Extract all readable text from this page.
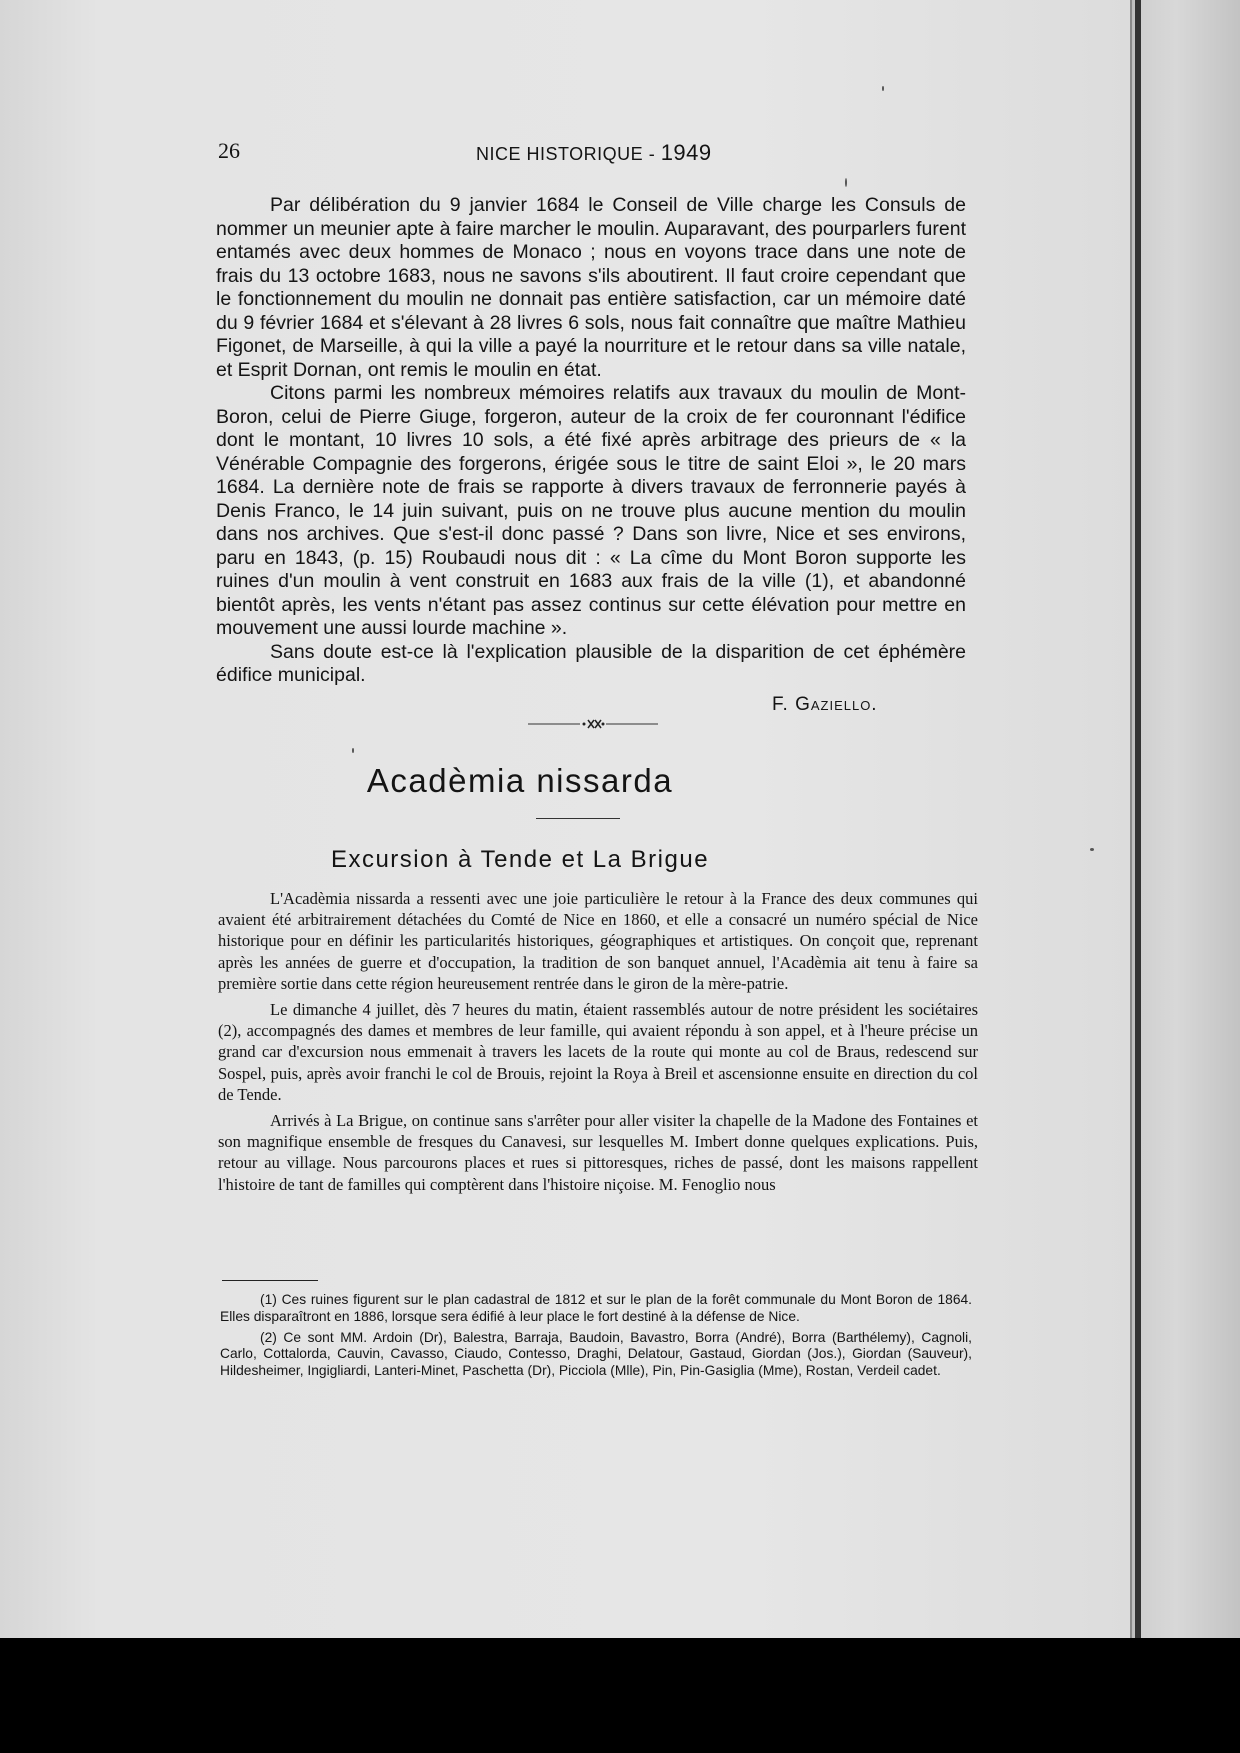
26	NICE HISTORIQUE - 1949

Par délibération du 9 janvier 1684 le Conseil de Ville charge les Consuls de nommer un meunier apte à faire marcher le moulin. Auparavant, des pourparlers furent entamés avec deux hommes de Monaco ; nous en voyons trace dans une note de frais du 13 octobre 1683, nous ne savons s'ils aboutirent. Il faut croire cependant que le fonctionnement du moulin ne donnait pas entière satisfaction, car un mémoire daté du 9 février 1684 et s'élevant à 28 livres 6 sols, nous fait connaître que maître Mathieu Figonet, de Marseille, à qui la ville a payé la nourriture et le retour dans sa ville natale, et Esprit Dornan, ont remis le moulin en état.

Citons parmi les nombreux mémoires relatifs aux travaux du moulin de Mont-Boron, celui de Pierre Giuge, forgeron, auteur de la croix de fer couronnant l'édifice dont le montant, 10 livres 10 sols, a été fixé après arbitrage des prieurs de « la Vénérable Compagnie des forgerons, érigée sous le titre de saint Eloi », le 20 mars 1684. La dernière note de frais se rapporte à divers travaux de ferronnerie payés à Denis Franco, le 14 juin suivant, puis on ne trouve plus aucune mention du moulin dans nos archives. Que s'est-il donc passé ? Dans son livre, Nice et ses environs, paru en 1843, (p. 15) Roubaudi nous dit : « La cîme du Mont Boron supporte les ruines d'un moulin à vent construit en 1683 aux frais de la ville (1), et abandonné bientôt après, les vents n'étant pas assez continus sur cette élévation pour mettre en mouvement une aussi lourde machine ».

Sans doute est-ce là l'explication plausible de la disparition de cet éphémère édifice municipal.

F. Gaziello.
Acadèmia nissarda
Excursion à Tende et La Brigue

L'Acadèmia nissarda a ressenti avec une joie particulière le retour à la France des deux communes qui avaient été arbitrairement détachées du Comté de Nice en 1860, et elle a consacré un numéro spécial de Nice historique pour en définir les particularités historiques, géographiques et artistiques. On conçoit que, reprenant après les années de guerre et d'occupation, la tradition de son banquet annuel, l'Acadèmia ait tenu à faire sa première sortie dans cette région heureusement rentrée dans le giron de la mère-patrie.

Le dimanche 4 juillet, dès 7 heures du matin, étaient rassemblés autour de notre président les sociétaires (2), accompagnés des dames et membres de leur famille, qui avaient répondu à son appel, et à l'heure précise un grand car d'excursion nous emmenait à travers les lacets de la route qui monte au col de Braus, redescend sur Sospel, puis, après avoir franchi le col de Brouis, rejoint la Roya à Breil et ascensionne ensuite en direction du col de Tende.

Arrivés à La Brigue, on continue sans s'arrêter pour aller visiter la chapelle de la Madone des Fontaines et son magnifique ensemble de fresques du Canavesi, sur lesquelles M. Imbert donne quelques explications. Puis, retour au village. Nous parcourons places et rues si pittoresques, riches de passé, dont les maisons rappellent l'histoire de tant de familles qui comptèrent dans l'histoire niçoise. M. Fenoglio nous

(1) Ces ruines figurent sur le plan cadastral de 1812 et sur le plan de la forêt communale du Mont Boron de 1864. Elles disparaîtront en 1886, lorsque sera édifié à leur place le fort destiné à la défense de Nice.

(2) Ce sont MM. Ardoin (Dr), Balestra, Barraja, Baudoin, Bavastro, Borra (André), Borra (Barthélemy), Cagnoli, Carlo, Cottalorda, Cauvin, Cavasso, Ciaudo, Contesso, Draghi, Delatour, Gastaud, Giordan (Jos.), Giordan (Sauveur), Hildesheimer, Ingigliardi, Lanteri-Minet, Paschetta (Dr), Picciola (Mlle), Pin, Pin-Gasiglia (Mme), Rostan, Verdeil cadet.
